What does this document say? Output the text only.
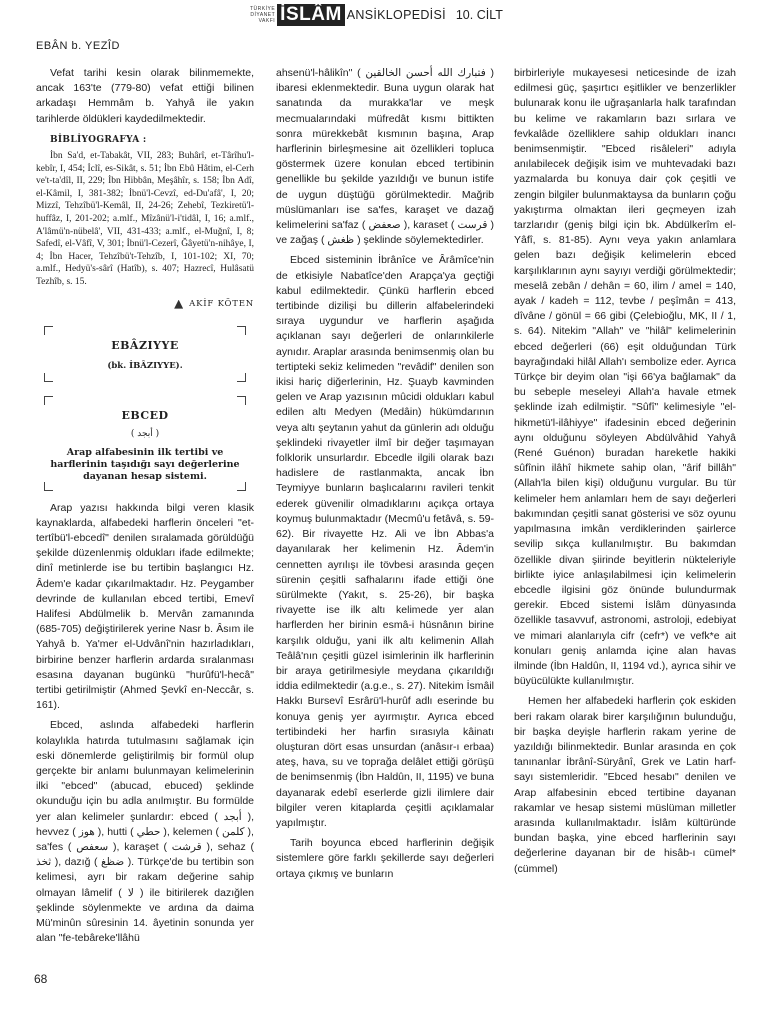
TÜRKİYE
DİYANET
VAKFI İSLÂM ANSİKLOPEDİSİ 10. CİLT
EBÂN b. YEZÎD

Vefat tarihi kesin olarak bilinmemekte, ancak 163'te (779-80) vefat ettiği bilinen arkadaşı Hemmâm b. Yahyâ ile yakın tarihlerde öldükleri kaydedilmektedir.

BİBLİYOGRAFYA :
İbn Sa'd, et-Tabakât, VII, 283; Buhârî, et-Târîhu'l-kebîr, I, 454; İclî, es-Sikât, s. 51; İbn Ebû Hâtim, el-Cerh ve't-ta'dîl, II, 229; İbn Hibbân, Meşâhîr, s. 158; İbn Adî, el-Kâmil, I, 381-382; İbnü'l-Cevzî, ed-Du'afâ', I, 20; Mizzî, Tehzîbü'l-Kemâl, II, 24-26; Zehebî, Tezkiretü'l-huffâz, I, 201-202; a.mlf., Mîzânü'l-i'tidâl, I, 16; a.mlf., A'lâmü'n-nübelâ', VII, 431-433; a.mlf., el-Muğnî, I, 8; Safedî, el-Vâfî, V, 301; İbnü'l-Cezerî, Ğâyetü'n-nihâye, I, 4; İbn Hacer, Tehzîbü't-Tehzîb, I, 101-102; XI, 70; a.mlf., Hedyü's-sârî (Hatîb), s. 407; Hazrecî, Hulâsatü Tezhîb, s. 15.
AKİF KÖTEN
EBÂZIYYE
(bk. İBÂZIYYE).
EBCED
( أبجد )
Arap alfabesinin ilk tertibi ve harflerinin taşıdığı sayı değerlerine dayanan hesap sistemi.

Arap yazısı hakkında bilgi veren klasik kaynaklarda, alfabedeki harflerin önceleri "et-tertîbü'l-ebcedî" denilen sıralamada görüldüğü şekilde düzenlenmiş oldukları ifade edilmekte; dinî metinlerde ise bu tertibin başlangıcı Hz. Âdem'e kadar çıkarılmaktadır. Hz. Peygamber devrinde de kullanılan ebced tertibi, Emevî Halifesi Abdülmelik b. Mervân zamanında (685-705) değiştirilerek yerine Nasr b. Âsım ile Yahyâ b. Ya'mer el-Udvânî'nin hazırladıkları, birbirine benzer harflerin ardarda sıralanması esasına dayanan bugünkü "hurûfü'l-hecâ" tertibi getirilmiştir (Ahmed Şevkî en-Neccâr, s. 161).

Ebced, aslında alfabedeki harflerin kolaylıkla hatırda tutulmasını sağlamak için eski dönemlerde geliştirilmiş bir formül olup gerçekte bir anlamı bulunmayan kelimelerinin ilki "ebced" (abucad, ebuced) şeklinde okunduğu için bu adla anılmıştır. Bu formülde yer alan kelimeler şunlardır: ebced ( أبجد ), hevvez ( هوز ), hutti ( حطي ), kelemen ( كلمن ), sa'fes ( سعفص ), karaşet ( قرشت ), sehaz ( ثخذ ), dazığ ( ضظغ ). Türkçe'de bu tertibin son kelimesi, ayrı bir rakam değerine sahip olmayan lâmelif ( لا ) ile bitirilerek dazığlen şeklinde söylenmekte ve ardına da daima Mü'minûn sûresinin 14. âyetinin sonunda yer alan "fe-tebâreke'llâhü

ahsenü'l-hâlikîn" ( فتبارك الله أحسن الخالقين ) ibaresi eklenmektedir. Buna uygun olarak hat sanatında da murakka'lar ve meşk mecmualarındaki müfredât kısmı bittikten sonra mürekkebât kısmının başına, Arap harflerinin birleşmesine ait özellikleri topluca göstermek üzere konulan ebced tertibinin genellikle bu şekilde yazıldığı ve bunun istife de uygun düştüğü görülmektedir. Mağrib müslümanları ise sa'fes, karaşet ve dazağ kelimelerini sa'faz ( صعفض ), karaset ( قرست ) ve zağaş ( ظغش ) şeklinde söylemektedirler.

Ebced sisteminin İbrânîce ve Ârâmîce'nin de etkisiyle Nabatîce'den Arapça'ya geçtiği kabul edilmektedir. Çünkü harflerin ebced tertibinde dizilişi bu dillerin alfabelerindeki sıraya uygundur ve harflerin aşağıda açıklanan sayı değerleri de onlarınkilerle aynıdır. Araplar arasında benimsenmiş olan bu tertipteki sekiz kelimeden "revâdif" denilen son ikisi hariç diğerlerinin, Hz. Şuayb kavminden gelen ve Arap yazısının mûcidi oldukları kabul edilen altı Medyen (Medâin) hükümdarının veya altı şeytanın yahut da günlerin adı olduğu şeklindeki rivayetler ilmî bir değer taşımayan folklorik unsurlardır. Ebcedle ilgili olarak bazı hadislere de rastlanmakta, ancak İbn Teymiyye bunların başlıcalarını ravileri tenkit ederek güvenilir olmadıklarını açıkça ortaya koymuş bulunmaktadır (Mecmû'u fetâvâ, s. 59-62). Bir rivayette Hz. Ali ve İbn Abbas'a dayanılarak her kelimenin Hz. Âdem'in cennetten ayrılışı ile tövbesi arasında geçen sürenin çeşitli safhalarını ifade ettiği öne sürülmekte (Yakıt, s. 25-26), bir başka rivayette ise ilk altı kelimede yer alan harflerden her birinin esmâ-i hüsnânın birine karşılık olduğu, yani ilk altı kelimenin Allah Teâlâ'nın çeşitli güzel isimlerinin ilk harflerinin bir araya getirilmesiyle meydana çıkarıldığı iddia edilmektedir (a.g.e., s. 27). Nitekim İsmâil Hakkı Bursevî Esrârü'l-hurûf adlı eserinde bu konuya geniş yer ayırmıştır. Ayrıca ebced tertibindeki her harfin sırasıyla kâinatı oluşturan dört esas unsurdan (anâsır-ı erbaa) ateş, hava, su ve toprağa delâlet ettiği görüşü de benimsenmiş (İbn Haldûn, II, 1195) ve buna dayanarak edebî eserlerde gizli ilimlere dair bilgiler veren kitaplarda çeşitli açıklamalar yapılmıştır.

Tarih boyunca ebced harflerinin değişik sistemlere göre farklı şekillerde sayı değerleri ortaya çıkmış ve bunların

birbirleriyle mukayesesi neticesinde de izah edilmesi güç, şaşırtıcı eşitlikler ve benzerlikler bulunarak konu ile uğraşanlarla halk tarafından bu kelime ve rakamların bazı sırlara ve fevkalâde özelliklere sahip oldukları inancı benimsenmiştir. "Ebced risâleleri" adıyla anılabilecek değişik isim ve muhtevadaki bazı yazmalarda bu konuya dair çok çeşitli ve zengin bilgiler bulunmaktaysa da bunların çoğu yakıştırma olmaktan ileri geçmeyen izah tarzlarıdır (geniş bilgi için bk. Abdülkerîm el-Yâfî, s. 81-85). Aynı veya yakın anlamlara gelen bazı değişik kelimelerin ebced karşılıklarının aynı sayıyı verdiği görülmektedir; meselâ zebân / dehân = 60, ilim / amel = 140, ayak / kadeh = 112, tevbe / peşîmân = 413, dîvâne / gönül = 66 gibi (Çelebioğlu, MK, II / 1, s. 64). Nitekim "Allah" ve "hilâl" kelimelerinin ebced değerleri (66) eşit olduğundan Türk bayrağındaki hilâl Allah'ı sembolize eder. Ayrıca Türkçe bir deyim olan "işi 66'ya bağlamak" da bu sebeple meseleyi Allah'a havale etmek şeklinde izah edilmiştir. "Sûfî" kelimesiyle "el-hikmetü'l-ilâhiyye" ifadesinin ebced değerinin aynı olduğunu söyleyen Abdülvâhid Yahyâ (René Guénon) buradan hareketle hakiki sûfînin ilâhî hikmete sahip olan, "ârif billâh" (Allah'la bilen kişi) olduğunu vurgular. Bu tür kelimeler hem anlamları hem de sayı değerleri bakımından çeşitli sanat gösterisi ve söz oyunu yapılmasına imkân verdiklerinden şairlerce sevilip sıkça kullanılmıştır. Bu bakımdan özellikle divan şiirinde beyitlerin nükteleriyle birlikte iyice anlaşılabilmesi için kelimelerin ebcedle ilgisini göz önünde bulundurmak gerekir. Ebced sistemi İslâm dünyasında özellikle tasavvuf, astronomi, astroloji, edebiyat ve mimari alanlarıyla cifr (cefr*) ve vefk*e ait konuları geniş anlamda içine alan havas ilminde (İbn Haldûn, II, 1194 vd.), ayrıca sihir ve büyücülükte kullanılmıştır.

Hemen her alfabedeki harflerin çok eskiden beri rakam olarak birer karşılığının bulunduğu, bir başka deyişle harflerin rakam yerine de yazıldığı bilinmektedir. Bunlar arasında en çok tanınanlar İbrânî-Süryânî, Grek ve Latin harf-sayı sistemleridir. "Ebced hesabı" denilen ve Arap alfabesinin ebced tertibine dayanan rakamlar ve hesap sistemi müslüman milletler arasında kullanılmaktadır. İslâm kültüründe bundan başka, yine ebced harflerinin sayı değerlerine dayanan bir de hisâb-ı cümel* (cümmel)

68
